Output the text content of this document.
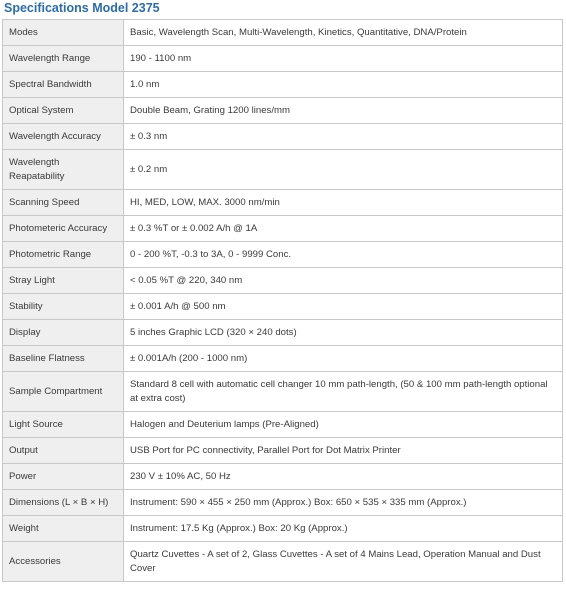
Specifications Model 2375
Modes	Basic, Wavelength Scan, Multi-Wavelength, Kinetics, Quantitative, DNA/Protein
Wavelength Range	190 - 1100 nm
Spectral Bandwidth	1.0 nm
Optical System	Double Beam, Grating 1200 lines/mm
Wavelength Accuracy	± 0.3 nm
Wavelength Reapatability	± 0.2 nm
Scanning Speed	HI, MED, LOW, MAX. 3000 nm/min
Photometeric Accuracy	± 0.3 %T or ± 0.002 A/h @ 1A
Photometric Range	0 - 200 %T, -0.3 to 3A, 0 - 9999 Conc.
Stray Light	< 0.05 %T @ 220, 340 nm
Stability	± 0.001 A/h @ 500 nm
Display	5 inches Graphic LCD (320 × 240 dots)
Baseline Flatness	± 0.001A/h (200 - 1000 nm)
Sample Compartment	Standard 8 cell with automatic cell changer 10 mm path-length, (50 & 100 mm path-length optional at extra cost)
Light Source	Halogen and Deuterium lamps (Pre-Aligned)
Output	USB Port for PC connectivity, Parallel Port for Dot Matrix Printer
Power	230 V ± 10% AC, 50 Hz
Dimensions (L × B × H)	Instrument: 590 × 455 × 250 mm (Approx.) Box: 650 × 535 × 335 mm (Approx.)
Weight	Instrument: 17.5 Kg (Approx.) Box: 20 Kg (Approx.)
Accessories	Quartz Cuvettes - A set of 2, Glass Cuvettes - A set of 4 Mains Lead, Operation Manual and Dust Cover
